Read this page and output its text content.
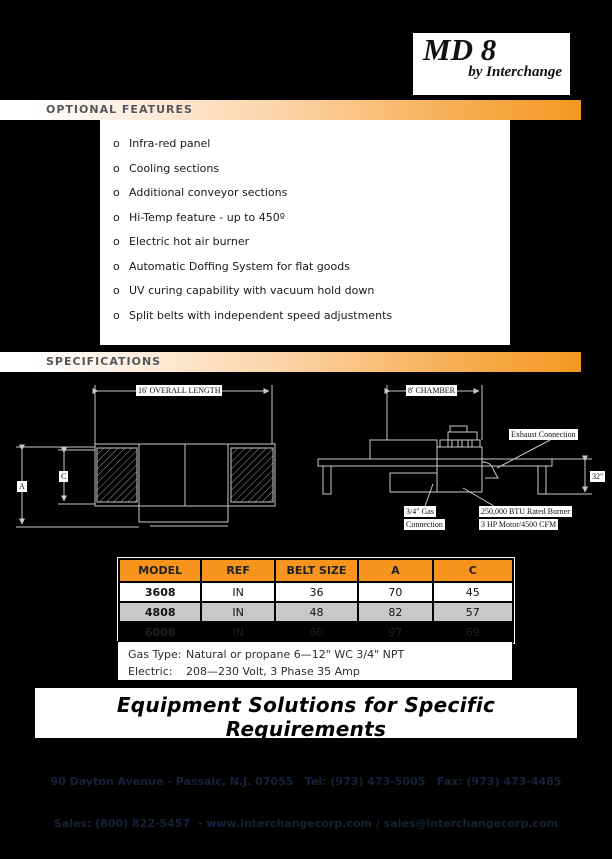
MD 8
by Interchange
OPTIONAL FEATURES
o Infra-red panel
o Cooling sections
o Additional conveyor sections
o Hi-Temp feature - up to 450º
o Electric hot air burner
o Automatic Doffing System for flat goods
o UV curing capability with vacuum hold down
o Split belts with independent speed adjustments
SPECIFICATIONS
16' OVERALL LENGTH
A
C
8' CHAMBER
Exhaust Connection
32"
3/4" Gas
Connection
250,000 BTU Rated Burner
3 HP Motor/4500 CFM
MODEL	REF	BELT SIZE	A	C
3608	IN	36	70	45
4808	IN	48	82	57
6008	IN	60	97	69
Gas Type: Natural or propane 6—12" WC 3/4" NPT
Electric:	208—230 Volt, 3 Phase 35 Amp
Equipment Solutions for Specific Requirements
www.interchangecorp.com

90 Dayton Avenue - Passaic, N.J. 07055   Tel: (973) 473-5005   Fax: (973) 473-4485

Sales: (800) 822-5457  - www.interchangecorp.com / sales@interchangecorp.com
